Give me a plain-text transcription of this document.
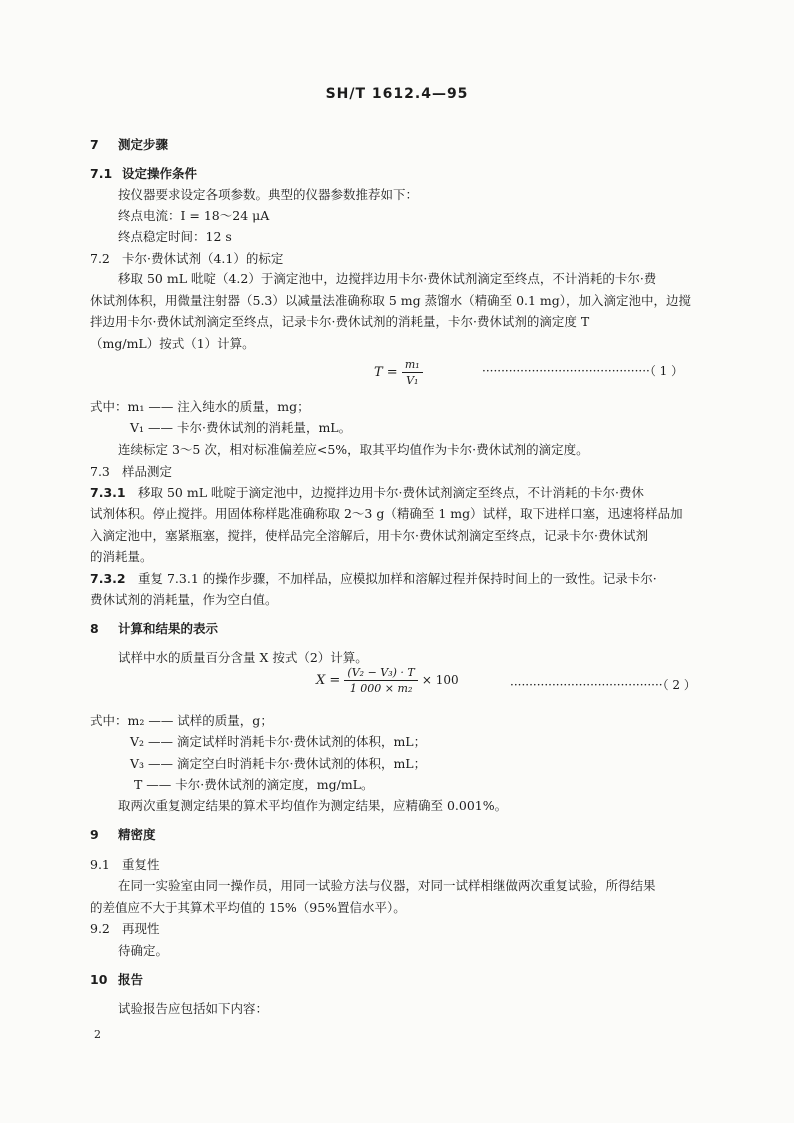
SH/T 1612.4—95
7 测定步骤
7.1 设定操作条件
按仪器要求设定各项参数。典型的仪器参数推荐如下：
终点电流：I = 18～24 μA
终点稳定时间：12 s
7.2 卡尔·费休试剂（4.1）的标定
移取 50 mL 吡啶（4.2）于滴定池中，边搅拌边用卡尔·费休试剂滴定至终点，不计消耗的卡尔·费
休试剂体积，用微量注射器（5.3）以减量法准确称取 5 mg 蒸馏水（精确至 0.1 mg），加入滴定池中，边搅
拌边用卡尔·费休试剂滴定至终点，记录卡尔·费休试剂的消耗量，卡尔·费休试剂的滴定度 T
（mg/mL）按式（1）计算。
$T = \frac{\text{m₁}}{\text{V₁}}$	············································（ 1 ）
式中：m₁ —— 注入纯水的质量，mg；
V₁ —— 卡尔·费休试剂的消耗量，mL。
连续标定 3～5 次，相对标准偏差应<5%，取其平均值作为卡尔·费休试剂的滴定度。
7.3 样品测定
7.3.1 移取 50 mL 吡啶于滴定池中，边搅拌边用卡尔·费休试剂滴定至终点，不计消耗的卡尔·费休
试剂体积。停止搅拌。用固体称样匙准确称取 2～3 g（精确至 1 mg）试样，取下进样口塞，迅速将样品加
入滴定池中，塞紧瓶塞，搅拌，使样品完全溶解后，用卡尔·费休试剂滴定至终点，记录卡尔·费休试剂
的消耗量。
7.3.2 重复 7.3.1 的操作步骤，不加样品，应模拟加样和溶解过程并保持时间上的一致性。记录卡尔·
费休试剂的消耗量，作为空白值。
8 计算和结果的表示
试样中水的质量百分含量 X 按式（2）计算。
$X = \frac{\text{(V₂ − V₃) · T}}{\text{1 000 × m₂}} \times 100$	········································（ 2 ）
式中：m₂ —— 试样的质量，g；
V₂ —— 滴定试样时消耗卡尔·费休试剂的体积，mL；
V₃ —— 滴定空白时消耗卡尔·费休试剂的体积，mL；
T —— 卡尔·费休试剂的滴定度，mg/mL。
取两次重复测定结果的算术平均值作为测定结果，应精确至 0.001%。
9 精密度
9.1 重复性
在同一实验室由同一操作员，用同一试验方法与仪器，对同一试样相继做两次重复试验，所得结果
的差值应不大于其算术平均值的 15%（95%置信水平）。
9.2 再现性
待确定。
10 报告
试验报告应包括如下内容：
2
